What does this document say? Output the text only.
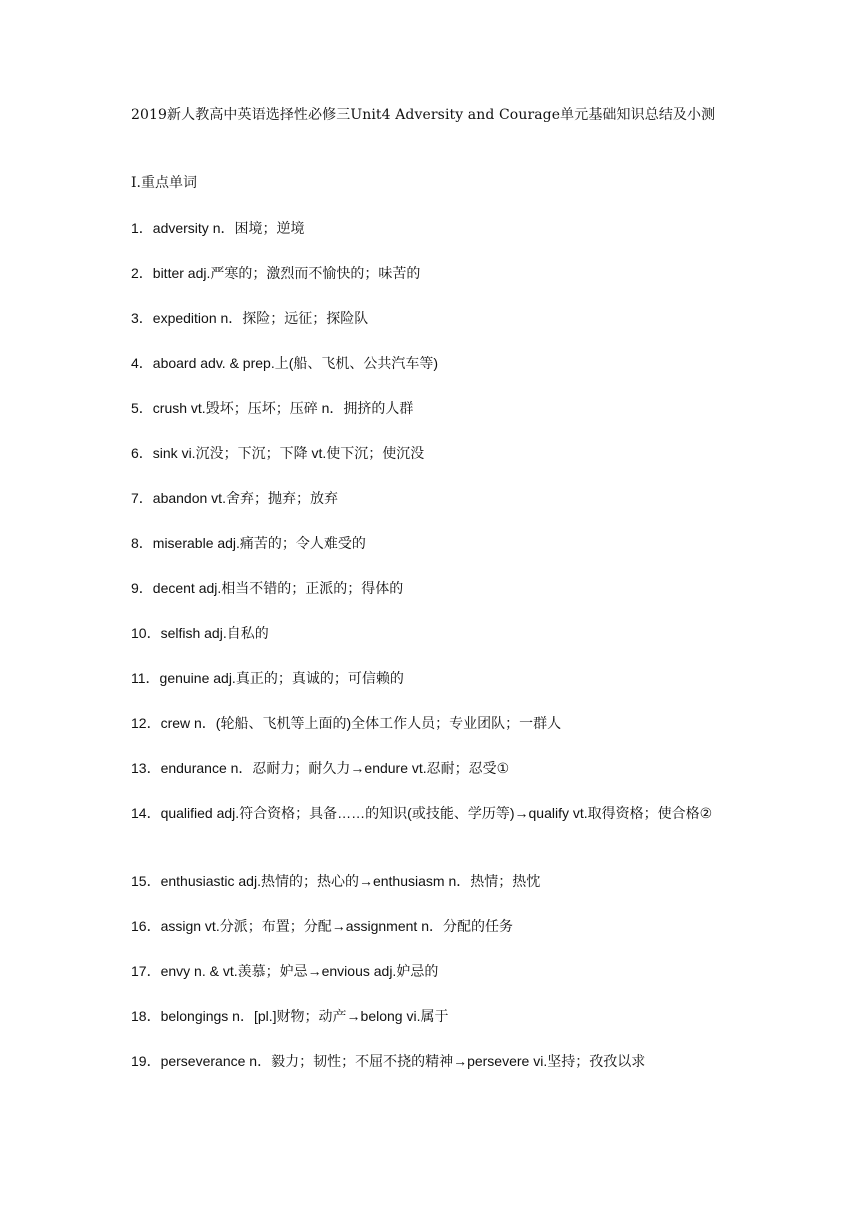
2019新人教高中英语选择性必修三Unit4 Adversity and Courage单元基础知识总结及小测
Ⅰ.重点单词
1．adversity n．困境；逆境
2．bitter adj.严寒的；激烈而不愉快的；味苦的
3．expedition n．探险；远征；探险队
4．aboard adv. & prep.上(船、飞机、公共汽车等)
5．crush vt.毁坏；压坏；压碎 n．拥挤的人群
6．sink vi.沉没；下沉；下降 vt.使下沉；使沉没
7．abandon vt.舍弃；抛弃；放弃
8．miserable adj.痛苦的；令人难受的
9．decent adj.相当不错的；正派的；得体的
10．selfish adj.自私的
11．genuine adj.真正的；真诚的；可信赖的
12．crew n．(轮船、飞机等上面的)全体工作人员；专业团队；一群人
13．endurance n．忍耐力；耐久力→endure vt.忍耐；忍受①
14．qualified adj.符合资格；具备……的知识(或技能、学历等)→qualify vt.取得资格；使合格②
15．enthusiastic adj.热情的；热心的→enthusiasm n．热情；热忱
16．assign vt.分派；布置；分配→assignment n．分配的任务
17．envy n. & vt.羡慕；妒忌→envious adj.妒忌的
18．belongings n．[pl.]财物；动产→belong vi.属于
19．perseverance n．毅力；韧性；不屈不挠的精神→persevere vi.坚持；孜孜以求
